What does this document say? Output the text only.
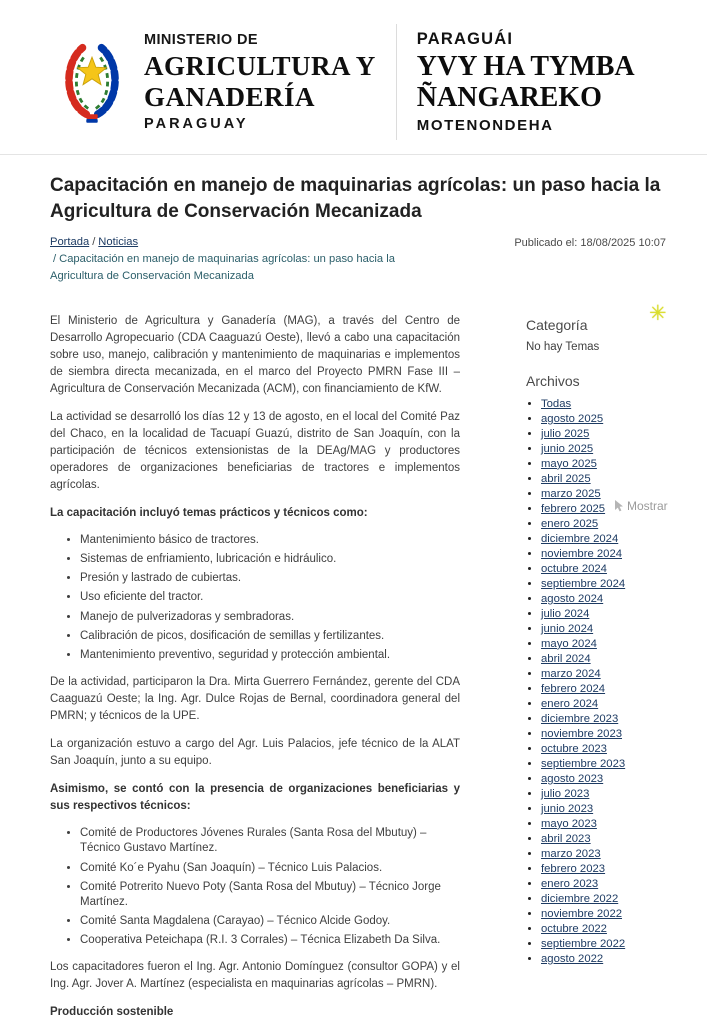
MINISTERIO DE
AGRICULTURA Y
GANADERÍA
PARAGUAY
PARAGUÁI
YVY HA TYMBA
ÑANGAREKO
MOTENONDEHA
Capacitación en manejo de maquinarias agrícolas: un paso hacia la Agricultura de Conservación Mecanizada
Portada / Noticias / Capacitación en manejo de maquinarias agrícolas: un paso hacia la Agricultura de Conservación Mecanizada
Publicado el: 18/08/2025 10:07

El Ministerio de Agricultura y Ganadería (MAG), a través del Centro de Desarrollo Agropecuario (CDA Caaguazú Oeste), llevó a cabo una capacitación sobre uso, manejo, calibración y mantenimiento de maquinarias e implementos de siembra directa mecanizada, en el marco del Proyecto PMRN Fase III – Agricultura de Conservación Mecanizada (ACM), con financiamiento de KfW.

La actividad se desarrolló los días 12 y 13 de agosto, en el local del Comité Paz del Chaco, en la localidad de Tacuapí Guazú, distrito de San Joaquín, con la participación de técnicos extensionistas de la DEAg/MAG y productores operadores de organizaciones beneficiarias de tractores e implementos agrícolas.

La capacitación incluyó temas prácticos y técnicos como:

• Mantenimiento básico de tractores.
• Sistemas de enfriamiento, lubricación e hidráulico.
• Presión y lastrado de cubiertas.
• Uso eficiente del tractor.
• Manejo de pulverizadoras y sembradoras.
• Calibración de picos, dosificación de semillas y fertilizantes.
• Mantenimiento preventivo, seguridad y protección ambiental.

De la actividad, participaron la Dra. Mirta Guerrero Fernández, gerente del CDA Caaguazú Oeste; la Ing. Agr. Dulce Rojas de Bernal, coordinadora general del PMRN; y técnicos de la UPE.

La organización estuvo a cargo del Agr. Luis Palacios, jefe técnico de la ALAT San Joaquín, junto a su equipo.

Asimismo, se contó con la presencia de organizaciones beneficiarias y sus respectivos técnicos:

• Comité de Productores Jóvenes Rurales (Santa Rosa del Mbutuy) – Técnico Gustavo Martínez.
• Comité Ko´e Pyahu (San Joaquín) – Técnico Luis Palacios.
• Comité Potrerito Nuevo Poty (Santa Rosa del Mbutuy) – Técnico Jorge Martínez.
• Comité Santa Magdalena (Carayao) – Técnico Alcide Godoy.
• Cooperativa Peteichapa (R.I. 3 Corrales) – Técnica Elizabeth Da Silva.

Los capacitadores fueron el Ing. Agr. Antonio Domínguez (consultor GOPA) y el Ing. Agr. Jover A. Martínez (especialista en maquinarias agrícolas – PMRN).

Producción sostenible

Categoría
No hay Temas
Archivos
• Todas
• agosto 2025
• julio 2025
• junio 2025
• mayo 2025
• abril 2025
• marzo 2025
• febrero 2025
• enero 2025
• diciembre 2024
• noviembre 2024
• octubre 2024
• septiembre 2024
• agosto 2024
• julio 2024
• junio 2024
• mayo 2024
• abril 2024
• marzo 2024
• febrero 2024
• enero 2024
• diciembre 2023
• noviembre 2023
• octubre 2023
• septiembre 2023
• agosto 2023
• julio 2023
• junio 2023
• mayo 2023
• abril 2023
• marzo 2023
• febrero 2023
• enero 2023
• diciembre 2022
• noviembre 2022
• octubre 2022
• septiembre 2022
• agosto 2022
Mostrar
✳
